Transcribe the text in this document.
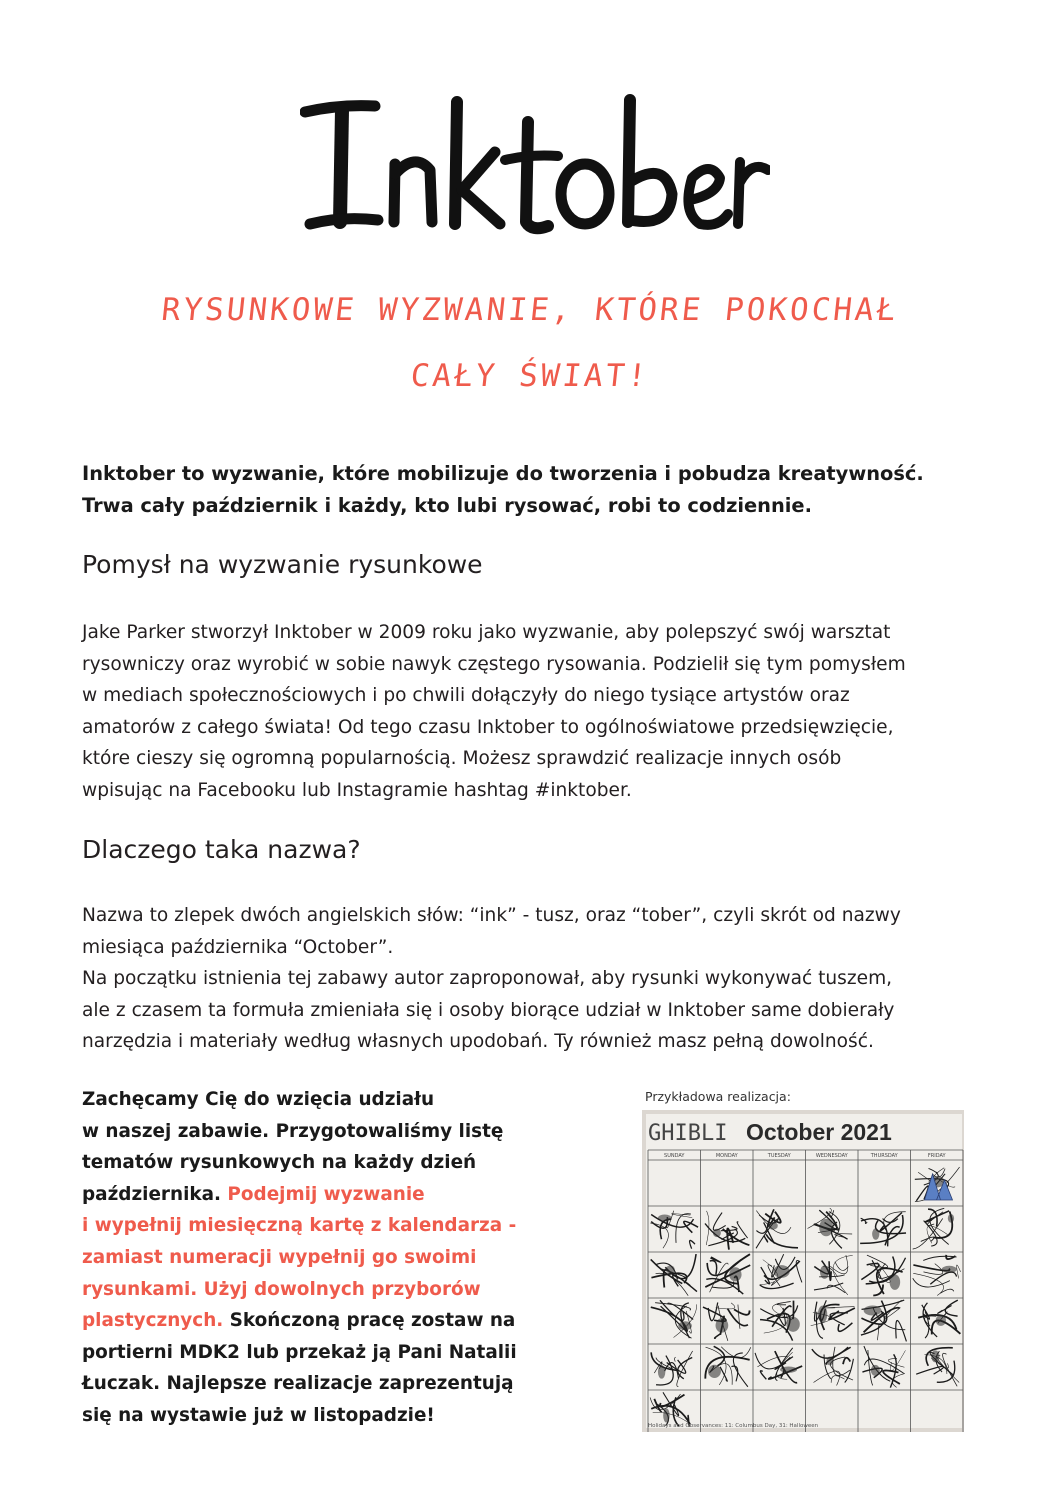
RYSUNKOWE WYZWANIE, KTÓRE POKOCHAŁ
CAŁY ŚWIAT!
Inktober to wyzwanie, które mobilizuje do tworzenia i pobudza kreatywność.
Trwa cały październik i każdy, kto lubi rysować, robi to codziennie.
Pomysł na wyzwanie rysunkowe
Jake Parker stworzył Inktober w 2009 roku jako wyzwanie, aby polepszyć swój warsztat
rysowniczy oraz wyrobić w sobie nawyk częstego rysowania. Podzielił się tym pomysłem
w mediach społecznościowych i po chwili dołączyły do niego tysiące artystów oraz
amatorów z całego świata! Od tego czasu Inktober to ogólnoświatowe przedsięwzięcie,
które cieszy się ogromną popularnością. Możesz sprawdzić realizacje innych osób
wpisując na Facebooku lub Instagramie hashtag #inktober.
Dlaczego taka nazwa?
Nazwa to zlepek dwóch angielskich słów: “ink” - tusz, oraz “tober”, czyli skrót od nazwy
miesiąca października “October”.
Na początku istnienia tej zabawy autor zaproponował, aby rysunki wykonywać tuszem,
ale z czasem ta formuła zmieniała się i osoby biorące udział w Inktober same dobierały
narzędzia i materiały według własnych upodobań. Ty również masz pełną dowolność.
Zachęcamy Cię do wzięcia udziału
w naszej zabawie. Przygotowaliśmy listę
tematów rysunkowych na każdy dzień
października. Podejmij wyzwanie
i wypełnij miesięczną kartę z kalendarza -
zamiast numeracji wypełnij go swoimi
rysunkami. Użyj dowolnych przyborów
plastycznych. Skończoną pracę zostaw na
portierni MDK2 lub przekaż ją Pani Natalii
Łuczak. Najlepsze realizacje zaprezentują
się na wystawie już w listopadzie!
Przykładowa realizacja:
GHIBLI October 2021
SUNDAY	MONDAY	TUESDAY	WEDNESDAY	THURSDAY	FRIDAY
Holidays and Observances: 11: Columbus Day, 31: Halloween
